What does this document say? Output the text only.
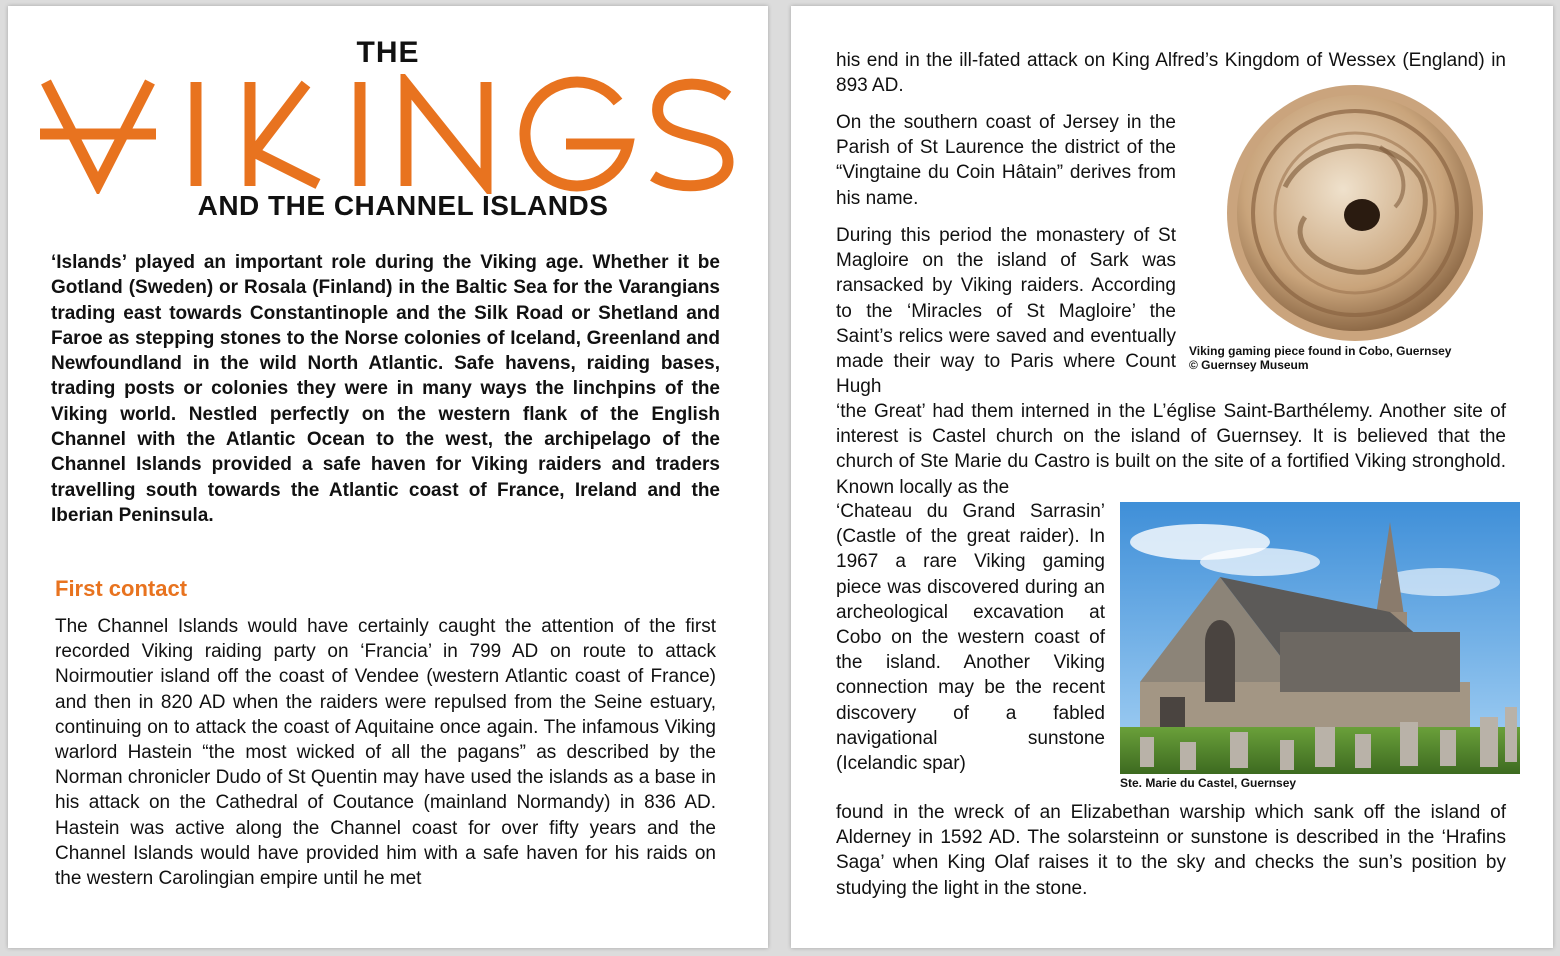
THE
AND THE CHANNEL ISLANDS
‘Islands’ played an important role during the Viking age. Whether it be Gotland (Sweden) or Rosala (Finland) in the Baltic Sea for the Varangians trading east towards Constantinople and the Silk Road or Shetland and Faroe as stepping stones to the Norse colonies of Iceland, Greenland and Newfoundland in the wild North Atlantic. Safe havens, raiding bases, trading posts or colonies they were in many ways the linchpins of the Viking world. Nestled perfectly on the western flank of the English Channel with the Atlantic Ocean to the west, the archipelago of the Channel Islands provided a safe haven for Viking raiders and traders travelling south towards the Atlantic coast of France, Ireland and the Iberian Peninsula.
First contact
The Channel Islands would have certainly caught the attention of the first recorded Viking raiding party on ‘Francia’ in 799 AD on route to attack Noirmoutier island off the coast of Vendee (western Atlantic coast of France) and then in 820 AD when the raiders were repulsed from the Seine estuary, continuing on to attack the coast of Aquitaine once again. The infamous Viking warlord Hastein “the most wicked of all the pagans” as described by the Norman chronicler Dudo of St Quentin may have used the islands as a base in his attack on the Cathedral of Coutance (mainland Normandy) in 836 AD. Hastein was active along the Channel coast for over fifty years and the Channel Islands would have provided him with a safe haven for his raids on the western Carolingian empire until he met
his end in the ill-fated attack on King Alfred’s Kingdom of Wessex (England) in 893 AD.
On the southern coast of Jersey in the Parish of St Laurence the district of the “Vingtaine du Coin Hâtain” derives from his name.
During this period the monastery of St Magloire on the island of Sark was ransacked by Viking raiders. According to the ‘Miracles of St Magloire’ the Saint’s relics were saved and eventually made their way to Paris where Count Hugh
Viking gaming piece found in Cobo, Guernsey
© Guernsey Museum
‘the Great’ had them interned in the L’église Saint-Barthélemy. Another site of interest is Castel church on the island of Guernsey. It is believed that the church of Ste Marie du Castro is built on the site of a fortified Viking stronghold. Known locally as the
‘Chateau du Grand Sarrasin’ (Castle of the great raider). In 1967 a rare Viking gaming piece was discovered during an archeological excavation at Cobo on the western coast of the island. Another Viking connection may be the recent discovery of a fabled navigational sunstone (Icelandic spar)
Ste. Marie du Castel, Guernsey
found in the wreck of an Elizabethan warship which sank off the island of Alderney in 1592 AD. The solarsteinn or sunstone is described in the ‘Hrafins Saga’ when King Olaf raises it to the sky and checks the sun’s position by studying the light in the stone.
